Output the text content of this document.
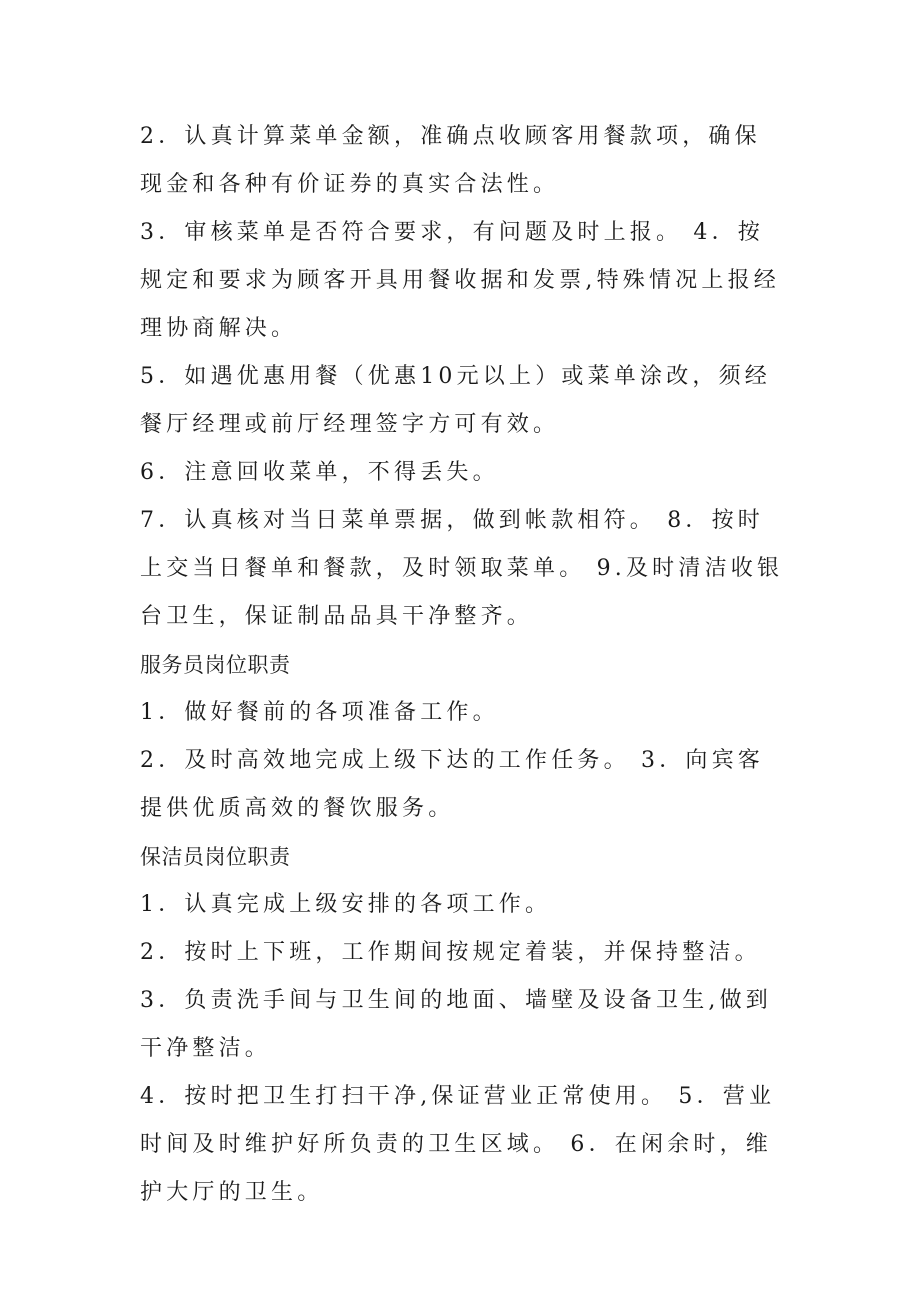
2．认真计算菜单金额，准确点收顾客用餐款项，确保现金和各种有价证券的真实合法性。

3．审核菜单是否符合要求，有问题及时上报。 4．按规定和要求为顾客开具用餐收据和发票,特殊情况上报经理协商解决。

5．如遇优惠用餐（优惠10元以上）或菜单涂改，须经餐厅经理或前厅经理签字方可有效。

6．注意回收菜单，不得丢失。

7．认真核对当日菜单票据，做到帐款相符。 8．按时上交当日餐单和餐款，及时领取菜单。 9.及时清洁收银台卫生，保证制品品具干净整齐。

服务员岗位职责

1．做好餐前的各项准备工作。

2．及时高效地完成上级下达的工作任务。 3．向宾客提供优质高效的餐饮服务。

保洁员岗位职责

1．认真完成上级安排的各项工作。

2．按时上下班，工作期间按规定着装，并保持整洁。 3．负责洗手间与卫生间的地面、墙壁及设备卫生,做到干净整洁。

4．按时把卫生打扫干净,保证营业正常使用。 5．营业时间及时维护好所负责的卫生区域。 6．在闲余时，维护大厅的卫生。
